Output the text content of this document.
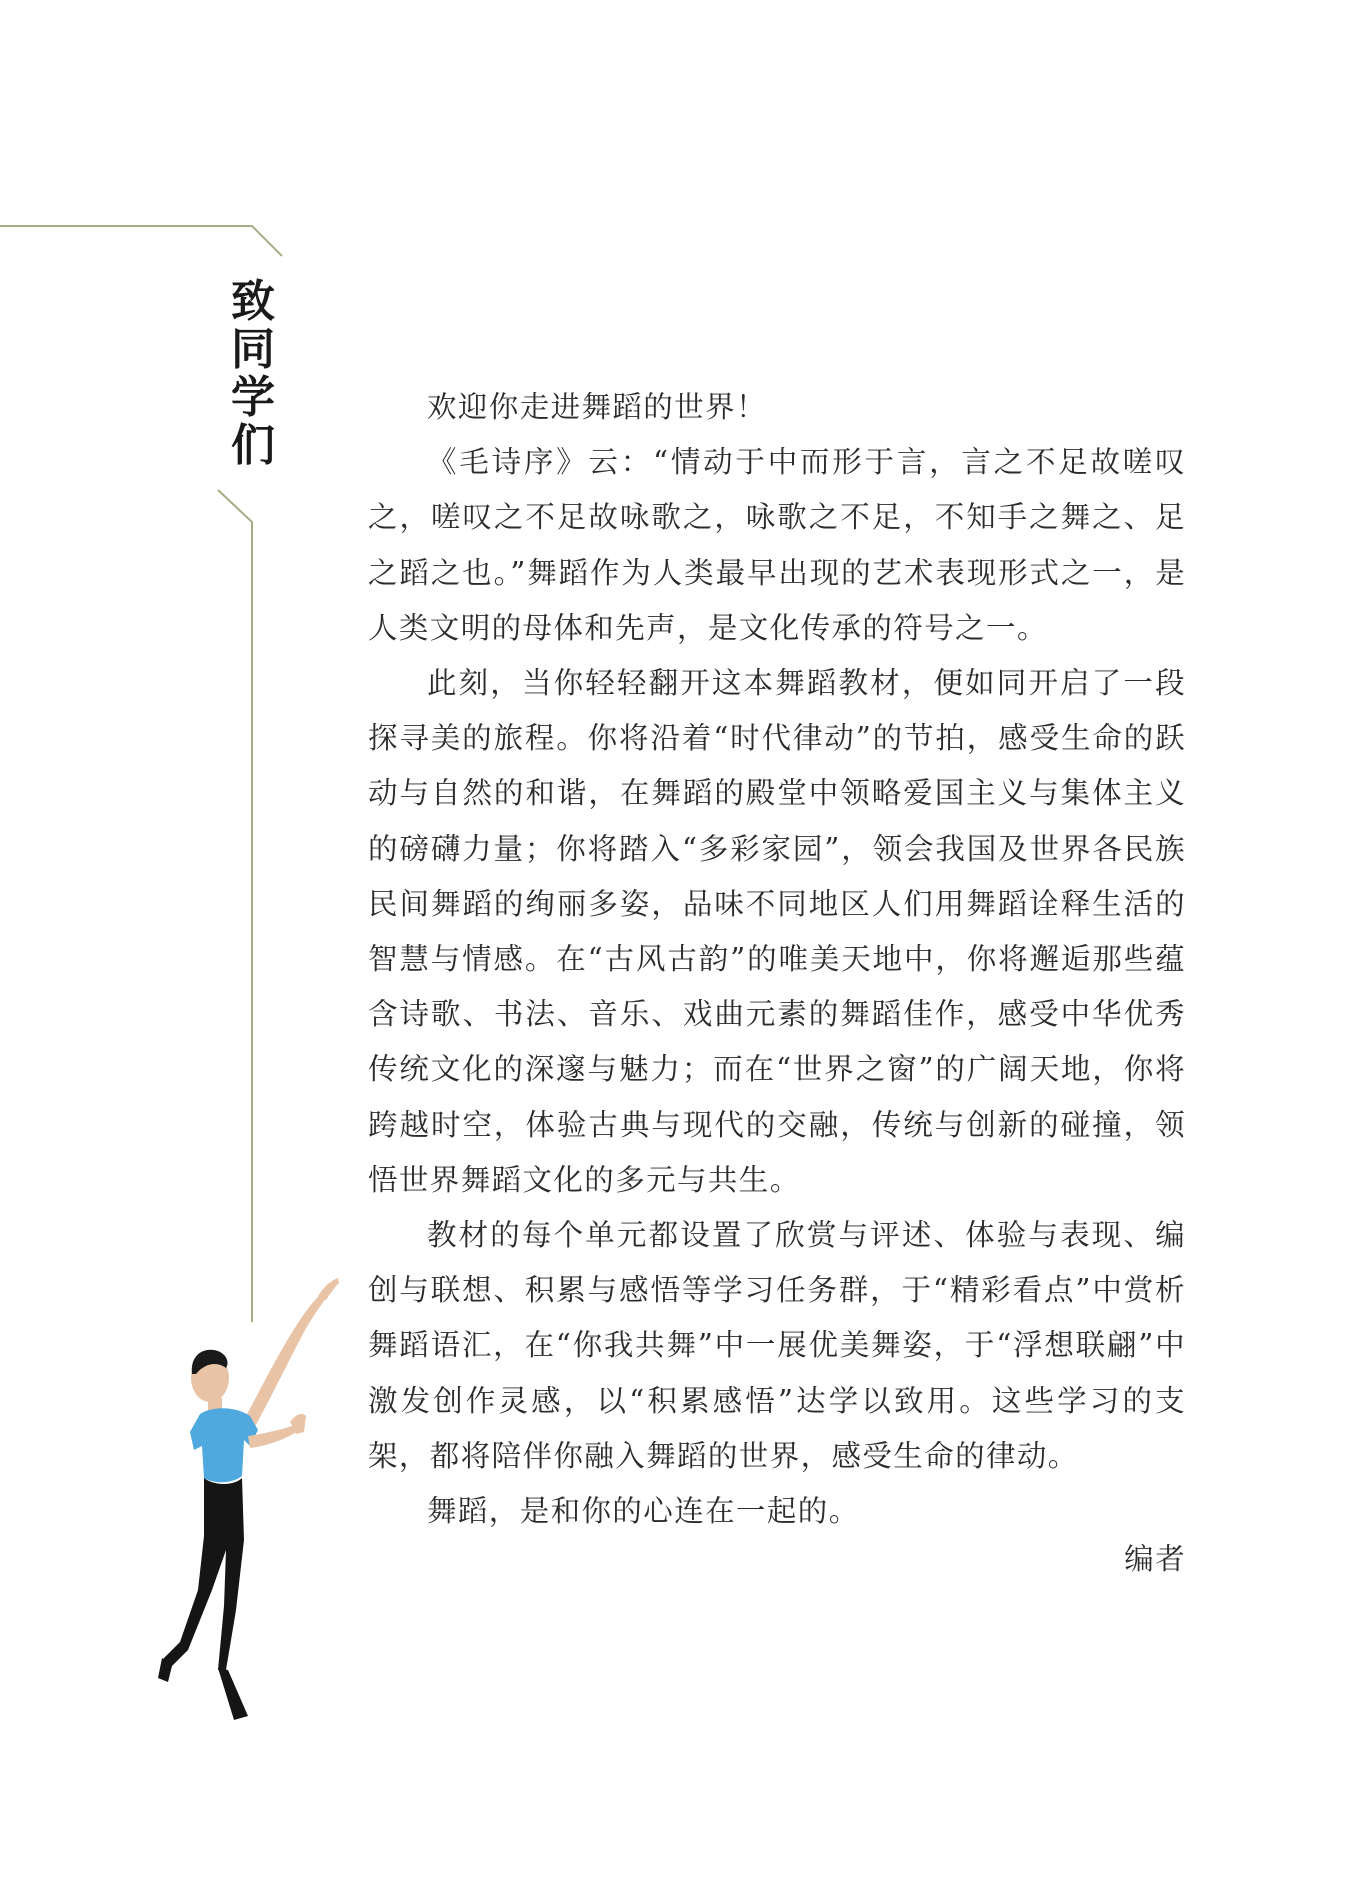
致
同
学
们

欢迎你走进舞蹈的世界！

《毛诗序》云：“情动于中而形于言，言之不足故嗟叹之，嗟叹之不足故咏歌之，咏歌之不足，不知手之舞之、足之蹈之也。”舞蹈作为人类最早出现的艺术表现形式之一，是人类文明的母体和先声，是文化传承的符号之一。

此刻，当你轻轻翻开这本舞蹈教材，便如同开启了一段探寻美的旅程。你将沿着“时代律动”的节拍，感受生命的跃动与自然的和谐，在舞蹈的殿堂中领略爱国主义与集体主义的磅礴力量；你将踏入“多彩家园”，领会我国及世界各民族民间舞蹈的绚丽多姿，品味不同地区人们用舞蹈诠释生活的智慧与情感。在“古风古韵”的唯美天地中，你将邂逅那些蕴含诗歌、书法、音乐、戏曲元素的舞蹈佳作，感受中华优秀传统文化的深邃与魅力；而在“世界之窗”的广阔天地，你将跨越时空，体验古典与现代的交融，传统与创新的碰撞，领悟世界舞蹈文化的多元与共生。

教材的每个单元都设置了欣赏与评述、体验与表现、编创与联想、积累与感悟等学习任务群，于“精彩看点”中赏析舞蹈语汇，在“你我共舞”中一展优美舞姿，于“浮想联翩”中激发创作灵感，以“积累感悟”达学以致用。这些学习的支架，都将陪伴你融入舞蹈的世界，感受生命的律动。

舞蹈，是和你的心连在一起的。

编者
